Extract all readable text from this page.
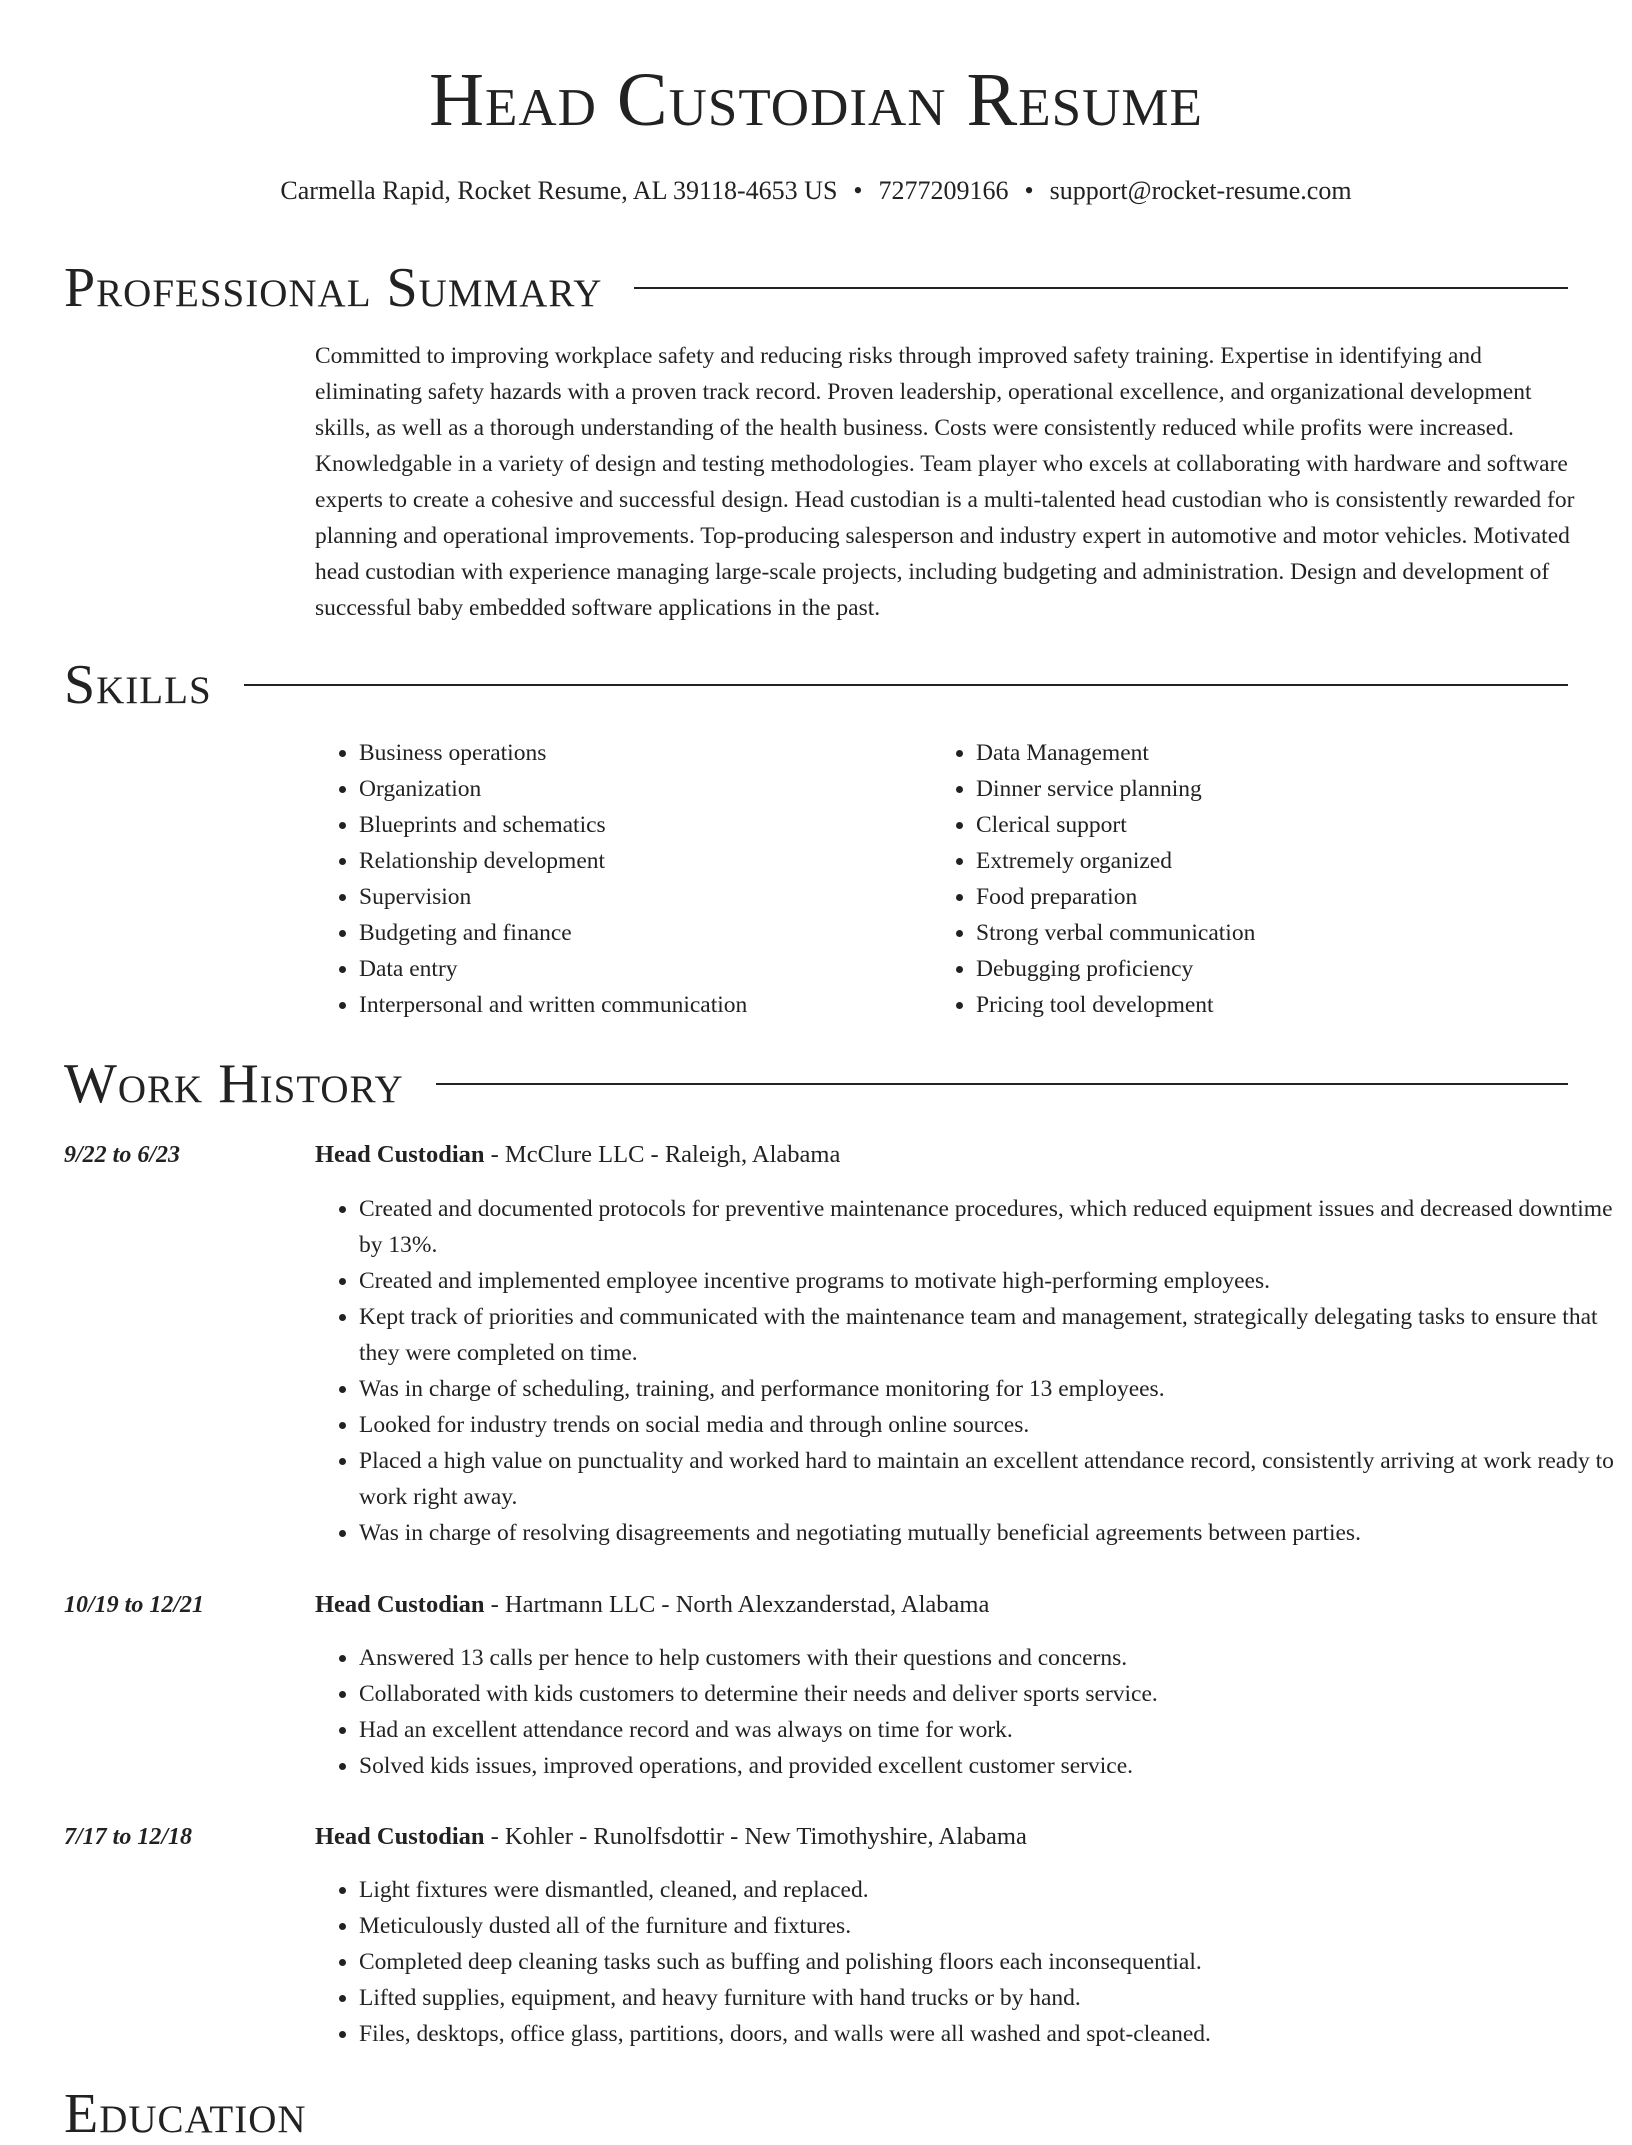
Head Custodian Resume
Carmella Rapid, Rocket Resume, AL 39118-4653 US • 7277209166 • support@rocket-resume.com
Professional Summary

Committed to improving workplace safety and reducing risks through improved safety training. Expertise in identifying and eliminating safety hazards with a proven track record. Proven leadership, operational excellence, and organizational development skills, as well as a thorough understanding of the health business. Costs were consistently reduced while profits were increased. Knowledgable in a variety of design and testing methodologies. Team player who excels at collaborating with hardware and software experts to create a cohesive and successful design. Head custodian is a multi-talented head custodian who is consistently rewarded for planning and operational improvements. Top-producing salesperson and industry expert in automotive and motor vehicles. Motivated head custodian with experience managing large-scale projects, including budgeting and administration. Design and development of successful baby embedded software applications in the past.

Skills
• Business operations
• Organization
• Blueprints and schematics
• Relationship development
• Supervision
• Budgeting and finance
• Data entry
• Interpersonal and written communication
• Data Management
• Dinner service planning
• Clerical support
• Extremely organized
• Food preparation
• Strong verbal communication
• Debugging proficiency
• Pricing tool development
Work History
9/22 to 6/23	Head Custodian - McClure LLC - Raleigh, Alabama
• Created and documented protocols for preventive maintenance procedures, which reduced equipment issues and decreased downtime by 13%.
• Created and implemented employee incentive programs to motivate high-performing employees.
• Kept track of priorities and communicated with the maintenance team and management, strategically delegating tasks to ensure that they were completed on time.
• Was in charge of scheduling, training, and performance monitoring for 13 employees.
• Looked for industry trends on social media and through online sources.
• Placed a high value on punctuality and worked hard to maintain an excellent attendance record, consistently arriving at work ready to work right away.
• Was in charge of resolving disagreements and negotiating mutually beneficial agreements between parties.
10/19 to 12/21	Head Custodian - Hartmann LLC - North Alexzanderstad, Alabama
• Answered 13 calls per hence to help customers with their questions and concerns.
• Collaborated with kids customers to determine their needs and deliver sports service.
• Had an excellent attendance record and was always on time for work.
• Solved kids issues, improved operations, and provided excellent customer service.
7/17 to 12/18	Head Custodian - Kohler - Runolfsdottir - New Timothyshire, Alabama
• Light fixtures were dismantled, cleaned, and replaced.
• Meticulously dusted all of the furniture and fixtures.
• Completed deep cleaning tasks such as buffing and polishing floors each inconsequential.
• Lifted supplies, equipment, and heavy furniture with hand trucks or by hand.
• Files, desktops, office glass, partitions, doors, and walls were all washed and spot-cleaned.
Education
